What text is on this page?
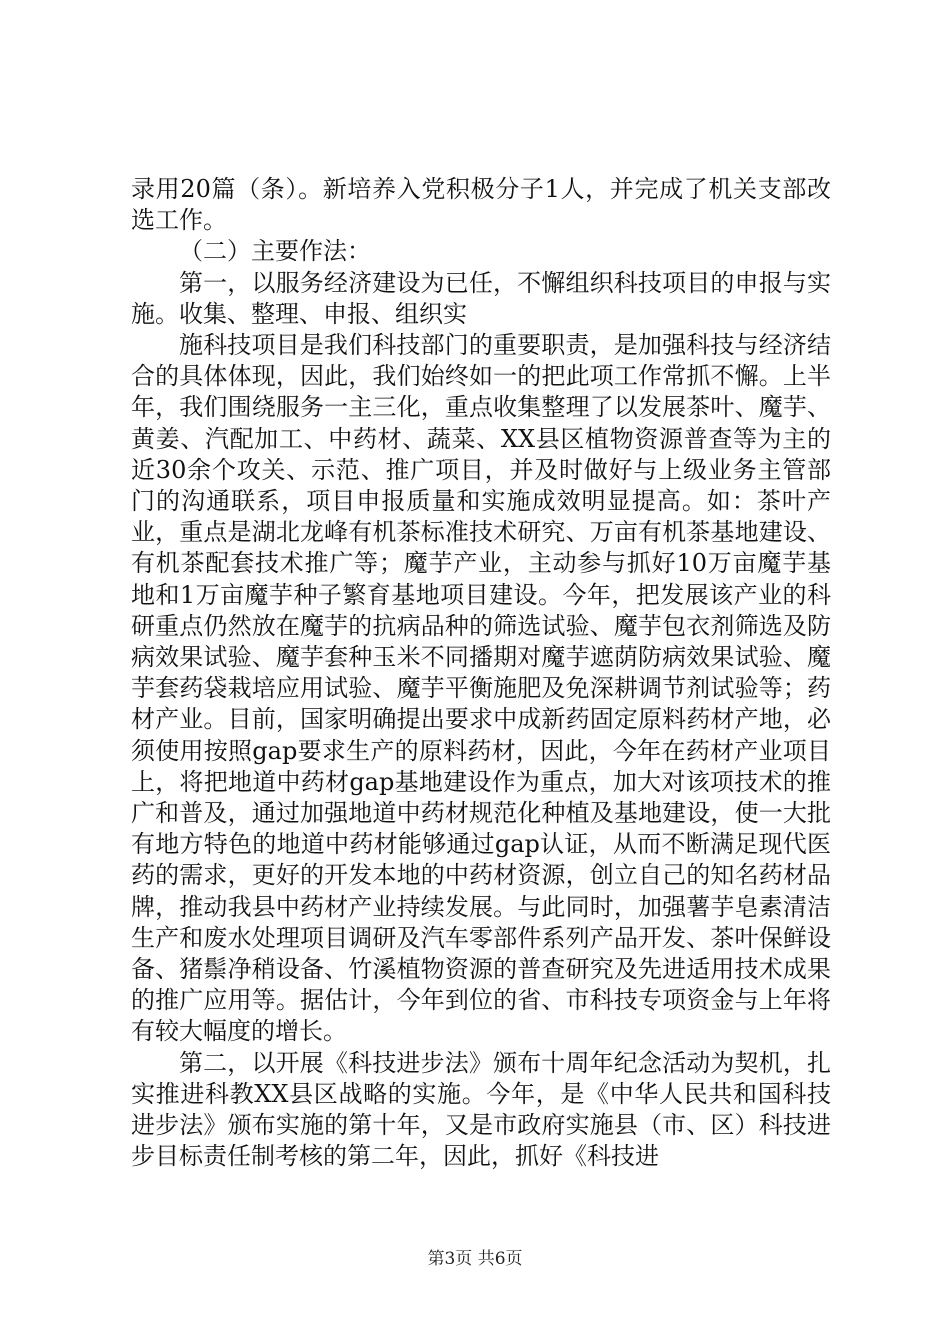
录用20篇（条）。新培养入党积极分子1人，并完成了机关支部改选工作。

（二）主要作法：

第一，以服务经济建设为已任，不懈组织科技项目的申报与实施。收集、整理、申报、组织实

施科技项目是我们科技部门的重要职责，是加强科技与经济结合的具体体现，因此，我们始终如一的把此项工作常抓不懈。上半年，我们围绕服务一主三化，重点收集整理了以发展茶叶、魔芋、黄姜、汽配加工、中药材、蔬菜、XX县区植物资源普查等为主的近30余个攻关、示范、推广项目，并及时做好与上级业务主管部门的沟通联系，项目申报质量和实施成效明显提高。如：茶叶产业，重点是湖北龙峰有机茶标准技术研究、万亩有机茶基地建设、有机茶配套技术推广等；魔芋产业，主动参与抓好10万亩魔芋基地和1万亩魔芋种子繁育基地项目建设。今年，把发展该产业的科研重点仍然放在魔芋的抗病品种的筛选试验、魔芋包衣剂筛选及防病效果试验、魔芋套种玉米不同播期对魔芋遮荫防病效果试验、魔芋套药袋栽培应用试验、魔芋平衡施肥及免深耕调节剂试验等；药材产业。目前，国家明确提出要求中成新药固定原料药材产地，必须使用按照gap要求生产的原料药材，因此，今年在药材产业项目上，将把地道中药材gap基地建设作为重点，加大对该项技术的推广和普及，通过加强地道中药材规范化种植及基地建设，使一大批有地方特色的地道中药材能够通过gap认证，从而不断满足现代医药的需求，更好的开发本地的中药材资源，创立自己的知名药材品牌，推动我县中药材产业持续发展。与此同时，加强薯芋皂素清洁生产和废水处理项目调研及汽车零部件系列产品开发、茶叶保鲜设备、猪鬃净稍设备、竹溪植物资源的普查研究及先进适用技术成果的推广应用等。据估计，今年到位的省、市科技专项资金与上年将有较大幅度的增长。

第二，以开展《科技进步法》颁布十周年纪念活动为契机，扎实推进科教XX县区战略的实施。今年，是《中华人民共和国科技进步法》颁布实施的第十年，又是市政府实施县（市、区）科技进步目标责任制考核的第二年，因此，抓好《科技进

第3页 共6页
